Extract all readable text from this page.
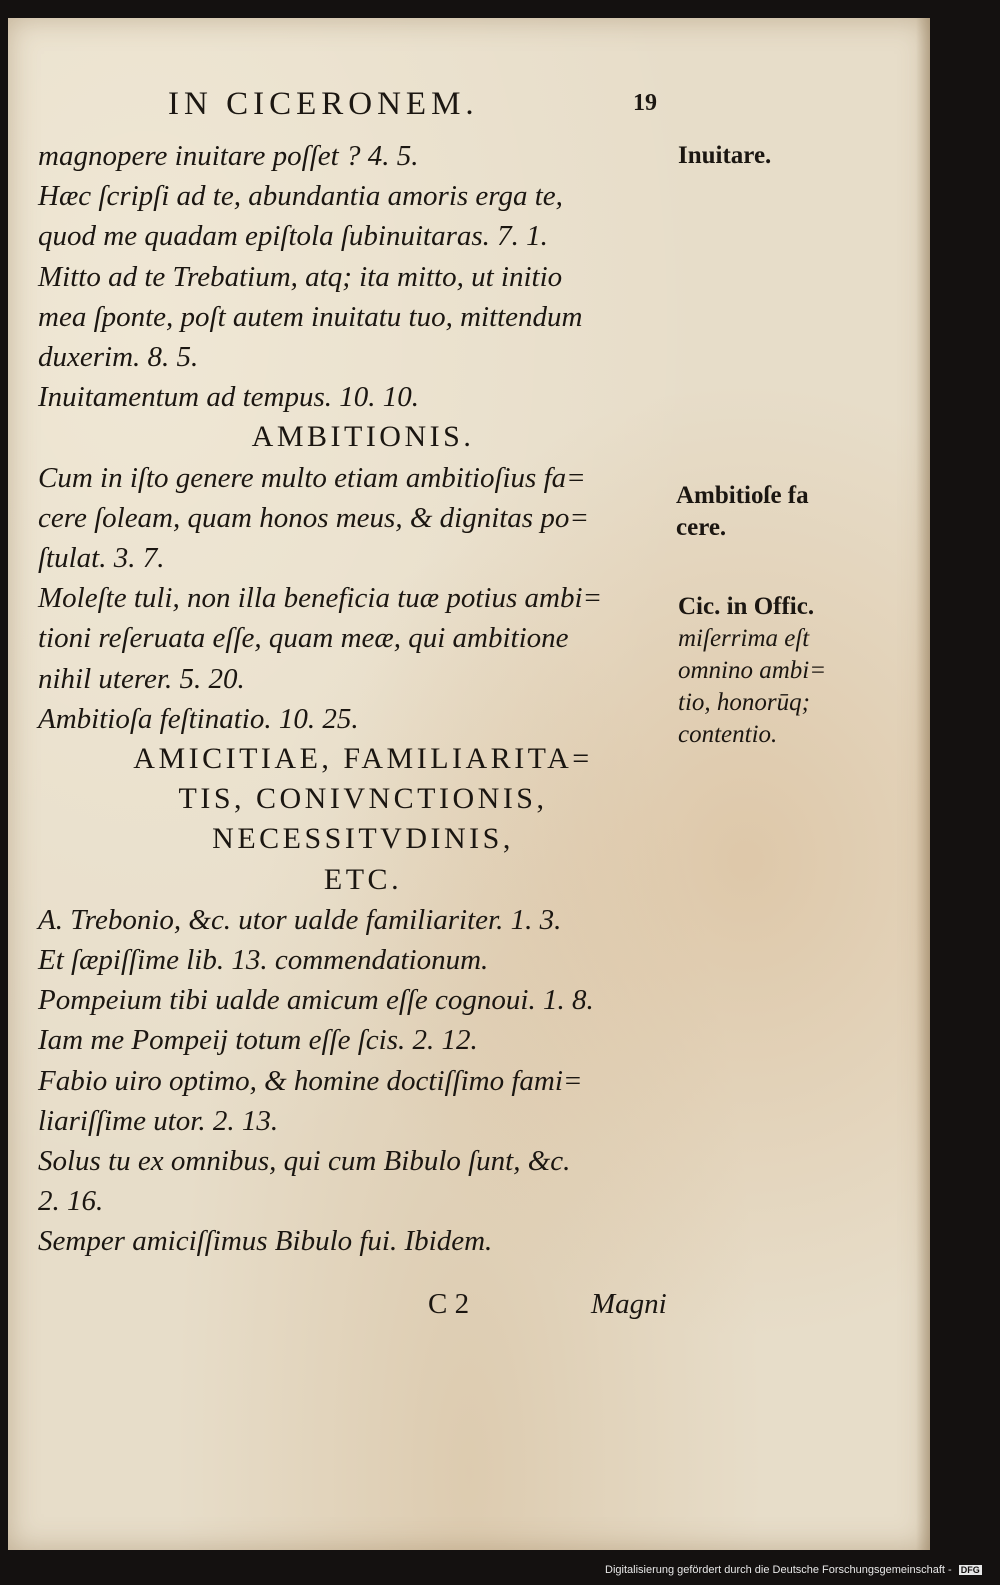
IN CICERONEM.	19
magnopere inuitare poſſet ? 4. 5.
Hæc ſcripſi ad te, abundantia amoris erga te,
quod me quadam epiſtola ſubinuitaras. 7. 1.
Mitto ad te Trebatium, atq; ita mitto, ut initio
mea ſponte, poſt autem inuitatu tuo, mittendum
duxerim. 8. 5.
Inuitamentum ad tempus. 10. 10.
AMBITIONIS.
Cum in iſto genere multo etiam ambitioſius fa=
cere ſoleam, quam honos meus, & dignitas po=
ſtulat. 3. 7.
Moleſte tuli, non illa beneficia tuæ potius ambi=
tioni reſeruata eſſe, quam meæ, qui ambitione
nihil uterer. 5. 20.
Ambitioſa feſtinatio. 10. 25.
AMICITIAE, FAMILIARITA=
TIS, CONIVNCTIONIS,
NECESSITVDINIS,
ETC.
A. Trebonio, &c. utor ualde familiariter. 1. 3.
Et ſæpiſſime lib. 13. commendationum.
Pompeium tibi ualde amicum eſſe cognoui. 1. 8.
Iam me Pompeij totum eſſe ſcis. 2. 12.
Fabio uiro optimo, & homine doctiſſimo fami=
liariſſime utor. 2. 13.
Solus tu ex omnibus, qui cum Bibulo ſunt, &c.
2. 16.
Semper amiciſſimus Bibulo fui. Ibidem.
Inuitare.
Ambitioſe fa
cere.
Cic. in Offic.
miſerrima eſt
omnino ambi=
tio, honorūq;
contentio.
C 2	Magni
Digitalisierung gefördert durch die Deutsche Forschungsgemeinschaft - DFG
